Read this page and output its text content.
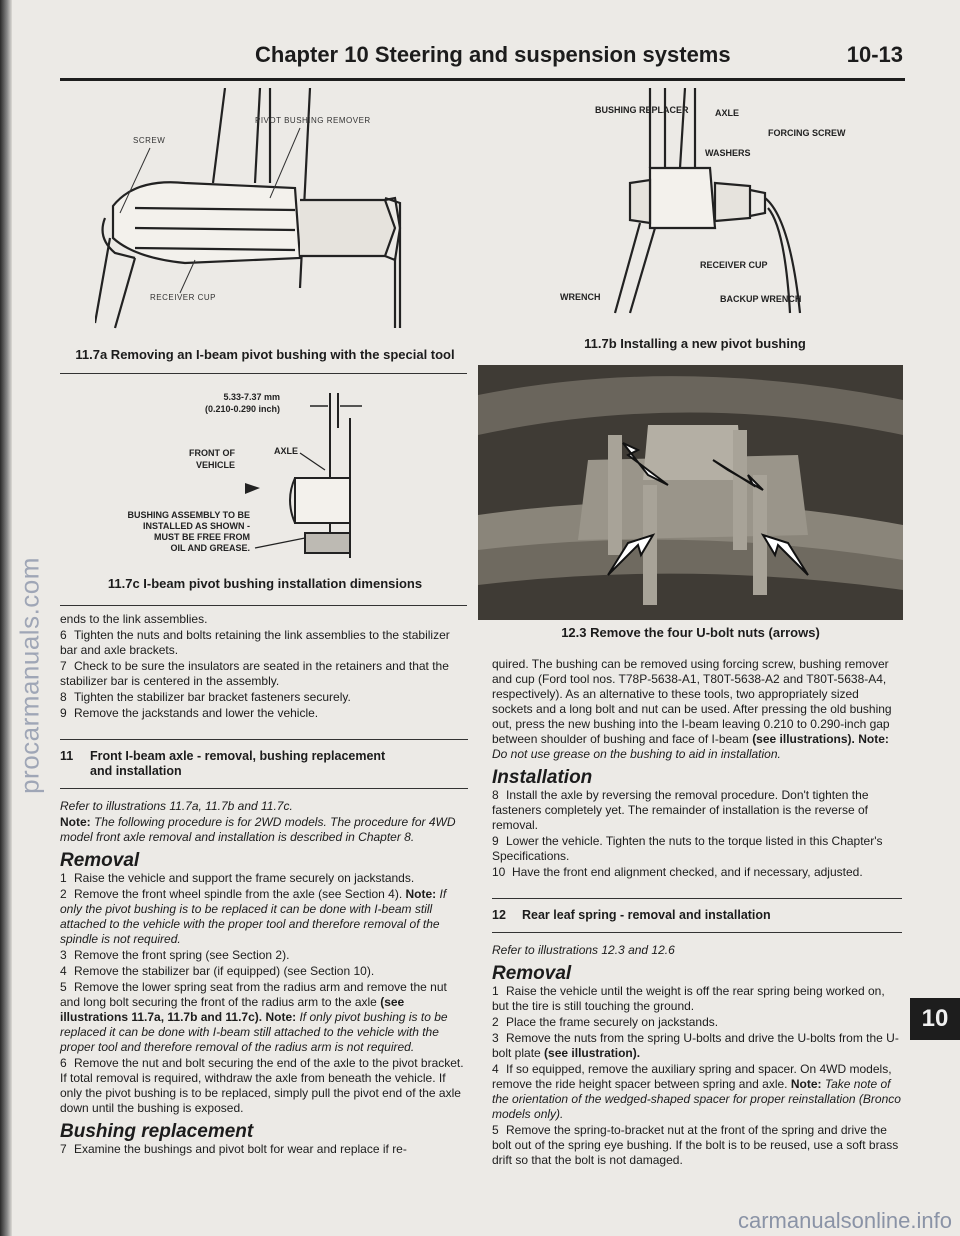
procarmanuals.com
Chapter 10 Steering and suspension systems	10-13
SCREW
PIVOT BUSHING REMOVER
RECEIVER CUP
11.7a Removing an I-beam pivot bushing with the special tool
BUSHING REPLACER	AXLE
FORCING SCREW
WASHERS
RECEIVER CUP
WRENCH	BACKUP WRENCH
11.7b Installing a new pivot bushing
5.33-7.37 mm
(0.210-0.290 inch)
AXLE
FRONT OF
VEHICLE
BUSHING ASSEMBLY TO BE
INSTALLED AS SHOWN -
MUST BE FREE FROM
OIL AND GREASE.
11.7c I-beam pivot bushing installation dimensions
12.3 Remove the four U-bolt nuts (arrows)

ends to the link assemblies.

6 Tighten the nuts and bolts retaining the link assemblies to the stabilizer bar and axle brackets.

7 Check to be sure the insulators are seated in the retainers and that the stabilizer bar is centered in the assembly.

8 Tighten the stabilizer bar bracket fasteners securely.

9 Remove the jackstands and lower the vehicle.

11 Front I-beam axle - removal, bushing replacement
and installation

Refer to illustrations 11.7a, 11.7b and 11.7c.

Note: The following procedure is for 2WD models. The procedure for 4WD model front axle removal and installation is described in Chapter 8.

Removal

1 Raise the vehicle and support the frame securely on jackstands.

2 Remove the front wheel spindle from the axle (see Section 4). Note: If only the pivot bushing is to be replaced it can be done with I-beam still attached to the vehicle with the proper tool and therefore removal of the spindle is not required.

3 Remove the front spring (see Section 2).

4 Remove the stabilizer bar (if equipped) (see Section 10).

5 Remove the lower spring seat from the radius arm and remove the nut and long bolt securing the front of the radius arm to the axle (see illustrations 11.7a, 11.7b and 11.7c). Note: If only pivot bushing is to be replaced it can be done with I-beam still attached to the vehicle with the proper tool and therefore removal of the radius arm is not required.

6 Remove the nut and bolt securing the end of the axle to the pivot bracket. If total removal is required, withdraw the axle from beneath the vehicle. If only the pivot bushing is to be replaced, simply pull the pivot end of the axle down until the bushing is exposed.

Bushing replacement

7 Examine the bushings and pivot bolt for wear and replace if re-

quired. The bushing can be removed using forcing screw, bushing remover and cup (Ford tool nos. T78P-5638-A1, T80T-5638-A2 and T80T-5638-A4, respectively). As an alternative to these tools, two appropriately sized sockets and a long bolt and nut can be used. After pressing the old bushing out, press the new bushing into the I-beam leaving 0.210 to 0.290-inch gap between shoulder of bushing and face of I-beam (see illustrations). Note: Do not use grease on the bushing to aid in installation.

Installation

8 Install the axle by reversing the removal procedure. Don't tighten the fasteners completely yet. The remainder of installation is the reverse of removal.

9 Lower the vehicle. Tighten the nuts to the torque listed in this Chapter's Specifications.

10 Have the front end alignment checked, and if necessary, adjusted.

12 Rear leaf spring - removal and installation

Refer to illustrations 12.3 and 12.6

Removal

1 Raise the vehicle until the weight is off the rear spring being worked on, but the tire is still touching the ground.

2 Place the frame securely on jackstands.

3 Remove the nuts from the spring U-bolts and drive the U-bolts from the U-bolt plate (see illustration).

4 If so equipped, remove the auxiliary spring and spacer. On 4WD models, remove the ride height spacer between spring and axle. Note: Take note of the orientation of the wedged-shaped spacer for proper reinstallation (Bronco models only).

5 Remove the spring-to-bracket nut at the front of the spring and drive the bolt out of the spring eye bushing. If the bolt is to be reused, use a soft brass drift so that the bolt is not damaged.

10
carmanualsonline.info
